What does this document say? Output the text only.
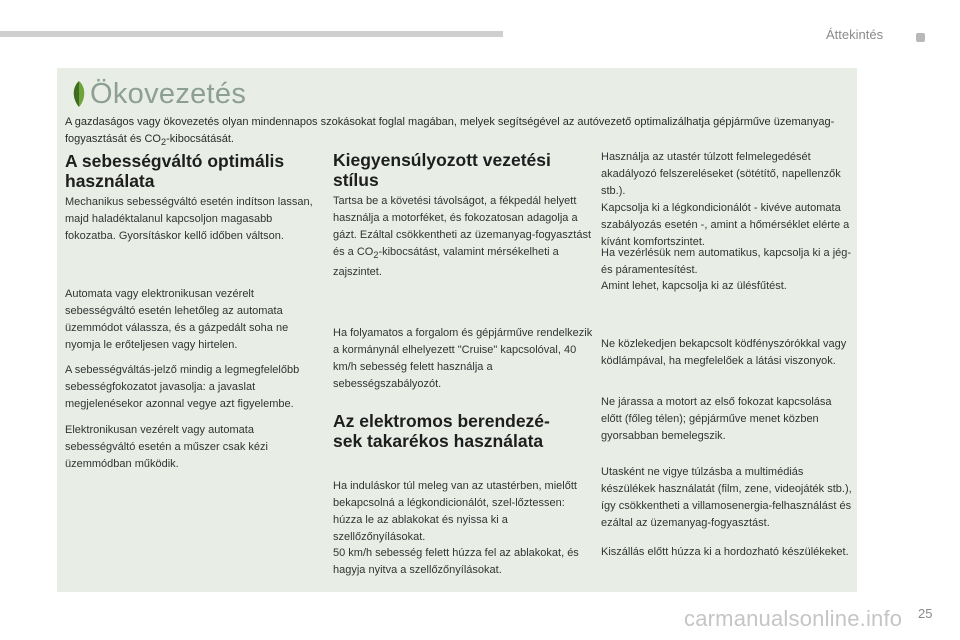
Áttekintés
Ökovezetés

A gazdaságos vagy ökovezetés olyan mindennapos szokásokat foglal magában, melyek segítségével az autóvezető optimalizálhatja gépjárműve üzemanyag-fogyasztását és $CO_2$-kibocsátását.

A sebességváltó optimális
használata

Mechanikus sebességváltó esetén indítson lassan, majd haladéktalanul kapcsoljon magasabb fokozatba. Gyorsításkor kellő időben váltson.

Automata vagy elektronikusan vezérelt sebességváltó esetén lehetőleg az automata üzemmódot válassza, és a gázpedált soha ne nyomja le erőteljesen vagy hirtelen.

A sebességváltás-jelző mindig a legmegfelelőbb sebességfokozatot javasolja: a javaslat megjelenésekor azonnal vegye azt figyelembe.

Elektronikusan vezérelt vagy automata sebességváltó esetén a műszer csak kézi üzemmódban működik.

Kiegyensúlyozott vezetési
stílus

Tartsa be a követési távolságot, a fékpedál helyett használja a motorféket, és fokozatosan adagolja a gázt. Ezáltal csökkentheti az üzemanyag-fogyasztást és a $CO_2$-kibocsátást, valamint mérsékelheti a zajszintet.

Ha folyamatos a forgalom és gépjárműve rendelkezik a kormánynál elhelyezett "Cruise" kapcsolóval, 40 km/h sebesség felett használja a sebességszabályozót.

Az elektromos berendezé-
sek takarékos használata

Ha induláskor túl meleg van az utastérben, mielőtt bekapcsolná a légkondicionálót, szel-lőztessen: húzza le az ablakokat és nyissa ki a szellőzőnyílásokat.

50 km/h sebesség felett húzza fel az ablakokat, és hagyja nyitva a szellőzőnyílásokat.

Használja az utastér túlzott felmelegedését akadályozó felszereléseket (sötétítő, napellenzők stb.).

Kapcsolja ki a légkondicionálót - kivéve automata szabályozás esetén -, amint a hőmérséklet elérte a kívánt komfortszintet.

Ha vezérlésük nem automatikus, kapcsolja ki a jég- és páramentesítést.

Amint lehet, kapcsolja ki az ülésfűtést.

Ne közlekedjen bekapcsolt ködfényszórókkal vagy ködlámpával, ha megfelelőek a látási viszonyok.

Ne járassa a motort az első fokozat kapcsolása előtt (főleg télen); gépjárműve menet közben gyorsabban bemelegszik.

Utasként ne vigye túlzásba a multimédiás készülékek használatát (film, zene, videojáték stb.), így csökkentheti a villamosenergia-felhasználást és ezáltal az üzemanyag-fogyasztást.

Kiszállás előtt húzza ki a hordozható készülékeket.

carmanualsonline.info 25
